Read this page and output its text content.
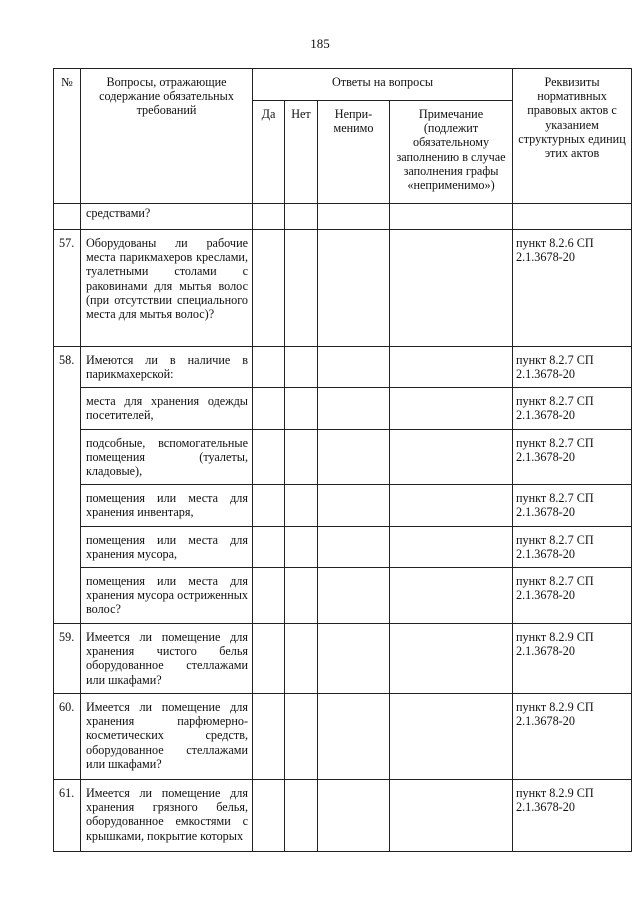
185
№	Вопросы, отражающие содержание обязательных требований	Ответы на вопросы				Реквизиты нормативных правовых актов с указанием структурных единиц этих актов

		Да	Нет	Непри-менимо	Примечание (подлежит обязательному заполнению в случае заполнения графы «неприменимо»)	

	средствами?					

57.	Оборудованы ли рабочие места парикмахеров креслами, туалетными столами с раковинами для мытья волос (при отсутствии специального места для мытья волос)?					пункт 8.2.6 СП 2.1.3678-20

58.	Имеются ли в наличие в парикмахерской:					пункт 8.2.7 СП 2.1.3678-20

	места для хранения одежды посетителей,					пункт 8.2.7 СП 2.1.3678-20

	подсобные, вспомогательные помещения (туалеты, кладовые),					пункт 8.2.7 СП 2.1.3678-20

	помещения или места для хранения инвентаря,					пункт 8.2.7 СП 2.1.3678-20

	помещения или места для хранения мусора,					пункт 8.2.7 СП 2.1.3678-20

	помещения или места для хранения мусора остриженных волос?					пункт 8.2.7 СП 2.1.3678-20

59.	Имеется ли помещение для хранения чистого белья оборудованное стеллажами или шкафами?					пункт 8.2.9 СП 2.1.3678-20

60.	Имеется ли помещение для хранения парфюмерно-косметических средств, оборудованное стеллажами или шкафами?					пункт 8.2.9 СП 2.1.3678-20

61.	Имеется ли помещение для хранения грязного белья, оборудованное емкостями с крышками, покрытие которых					пункт 8.2.9 СП 2.1.3678-20
